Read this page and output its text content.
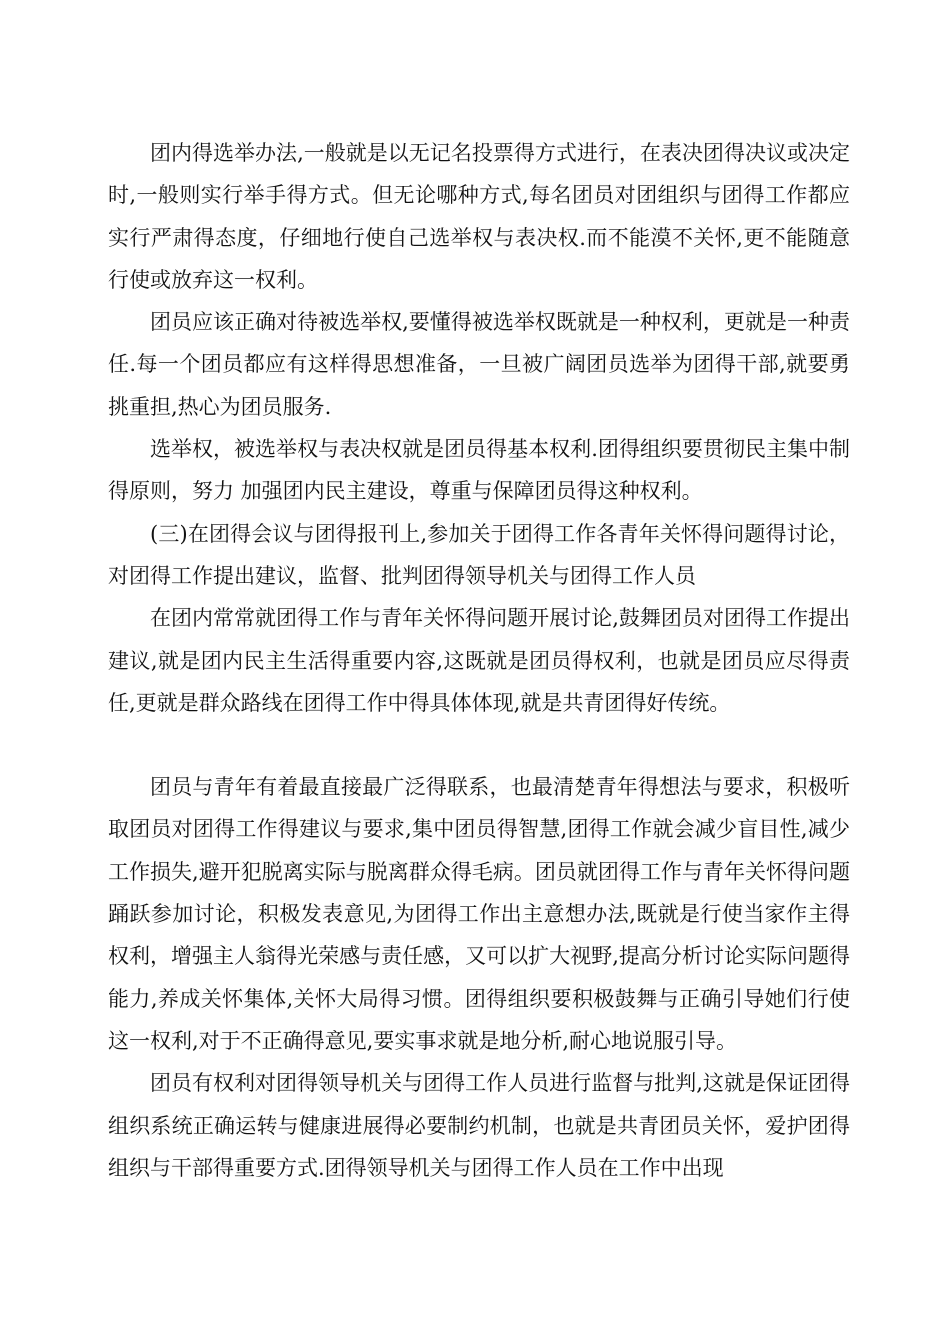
团内得选举办法,一般就是以无记名投票得方式进行，在表决团得决议或决定时,一般则实行举手得方式。但无论哪种方式,每名团员对团组织与团得工作都应实行严肃得态度，仔细地行使自己选举权与表决权.而不能漠不关怀,更不能随意行使或放弃这一权利。

团员应该正确对待被选举权,要懂得被选举权既就是一种权利，更就是一种责任.每一个团员都应有这样得思想准备，一旦被广阔团员选举为团得干部,就要勇挑重担,热心为团员服务.

选举权，被选举权与表决权就是团员得基本权利.团得组织要贯彻民主集中制得原则，努力 加强团内民主建设，尊重与保障团员得这种权利。

(三)在团得会议与团得报刊上,参加关于团得工作各青年关怀得问题得讨论，对团得工作提出建议，监督、批判团得领导机关与团得工作人员

在团内常常就团得工作与青年关怀得问题开展讨论,鼓舞团员对团得工作提出建议,就是团内民主生活得重要内容,这既就是团员得权利，也就是团员应尽得责任,更就是群众路线在团得工作中得具体体现,就是共青团得好传统。

团员与青年有着最直接最广泛得联系，也最清楚青年得想法与要求，积极听取团员对团得工作得建议与要求,集中团员得智慧,团得工作就会减少盲目性,减少工作损失,避开犯脱离实际与脱离群众得毛病。团员就团得工作与青年关怀得问题踊跃参加讨论，积极发表意见,为团得工作出主意想办法,既就是行使当家作主得权利，增强主人翁得光荣感与责任感，又可以扩大视野,提高分析讨论实际问题得能力,养成关怀集体,关怀大局得习惯。团得组织要积极鼓舞与正确引导她们行使这一权利,对于不正确得意见,要实事求就是地分析,耐心地说服引导。

团员有权利对团得领导机关与团得工作人员进行监督与批判,这就是保证团得组织系统正确运转与健康进展得必要制约机制，也就是共青团员关怀，爱护团得组织与干部得重要方式.团得领导机关与团得工作人员在工作中出现
